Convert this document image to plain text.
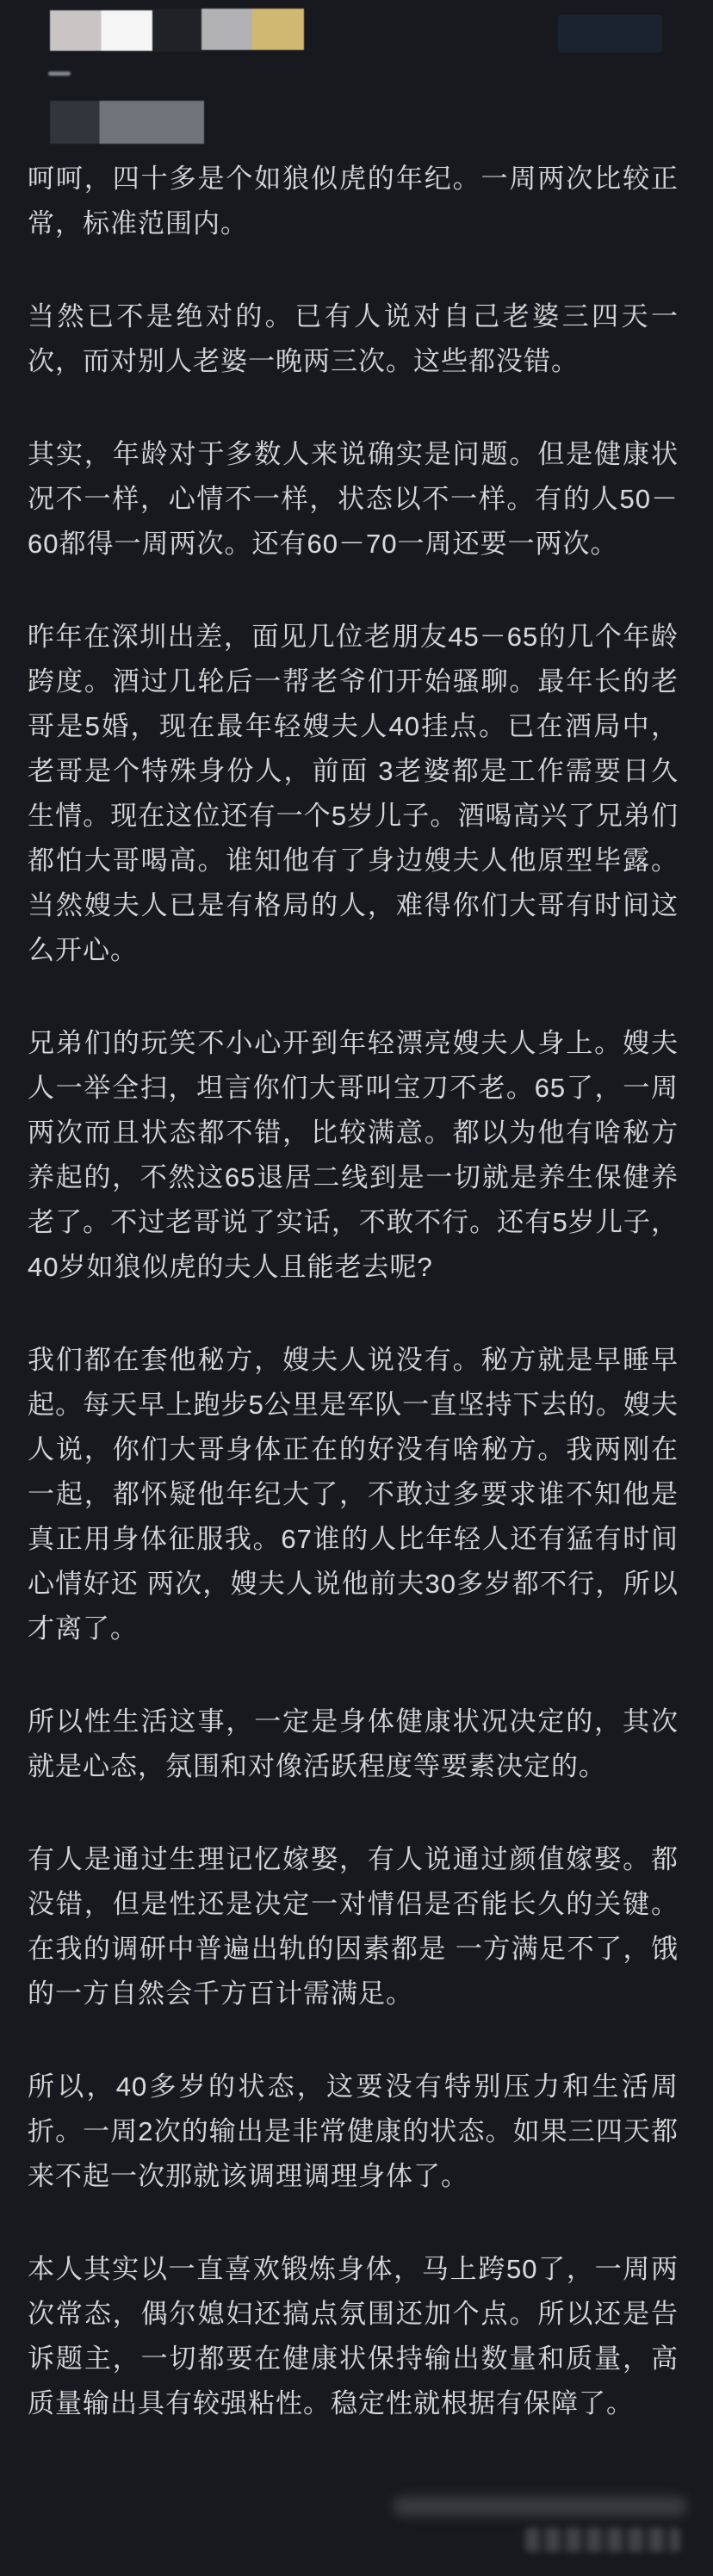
呵呵，四十多是个如狼似虎的年纪。一周两次比较正常，标准范围内。

当然已不是绝对的。已有人说对自己老婆三四天一次，而对别人老婆一晚两三次。这些都没错。

其实，年龄对于多数人来说确实是问题。但是健康状况不一样，心情不一样，状态以不一样。有的人50－60都得一周两次。还有60－70一周还要一两次。

昨年在深圳出差，面见几位老朋友45－65的几个年龄跨度。酒过几轮后一帮老爷们开始骚聊。最年长的老哥是5婚，现在最年轻嫂夫人40挂点。已在酒局中，老哥是个特殊身份人，前面 3老婆都是工作需要日久生情。现在这位还有一个5岁儿子。酒喝高兴了兄弟们都怕大哥喝高。谁知他有了身边嫂夫人他原型毕露。当然嫂夫人已是有格局的人，难得你们大哥有时间这么开心。

兄弟们的玩笑不小心开到年轻漂亮嫂夫人身上。嫂夫人一举全扫，坦言你们大哥叫宝刀不老。65了，一周两次而且状态都不错，比较满意。都以为他有啥秘方养起的，不然这65退居二线到是一切就是养生保健养老了。不过老哥说了实话，不敢不行。还有5岁儿子，40岁如狼似虎的夫人且能老去呢?

我们都在套他秘方，嫂夫人说没有。秘方就是早睡早起。每天早上跑步5公里是军队一直坚持下去的。嫂夫人说，你们大哥身体正在的好没有啥秘方。我两刚在一起，都怀疑他年纪大了，不敢过多要求谁不知他是真正用身体征服我。67谁的人比年轻人还有猛有时间心情好还 两次，嫂夫人说他前夫30多岁都不行，所以才离了。

所以性生活这事，一定是身体健康状况决定的，其次就是心态，氛围和对像活跃程度等要素决定的。

有人是通过生理记忆嫁娶，有人说通过颜值嫁娶。都没错，但是性还是决定一对情侣是否能长久的关键。在我的调研中普遍出轨的因素都是 一方满足不了，饿的一方自然会千方百计需满足。

所以，40多岁的状态，这要没有特别压力和生活周折。一周2次的输出是非常健康的状态。如果三四天都来不起一次那就该调理调理身体了。

本人其实以一直喜欢锻炼身体，马上跨50了，一周两次常态，偶尔媳妇还搞点氛围还加个点。所以还是告诉题主，一切都要在健康状保持输出数量和质量，高质量输出具有较强粘性。稳定性就根据有保障了。
